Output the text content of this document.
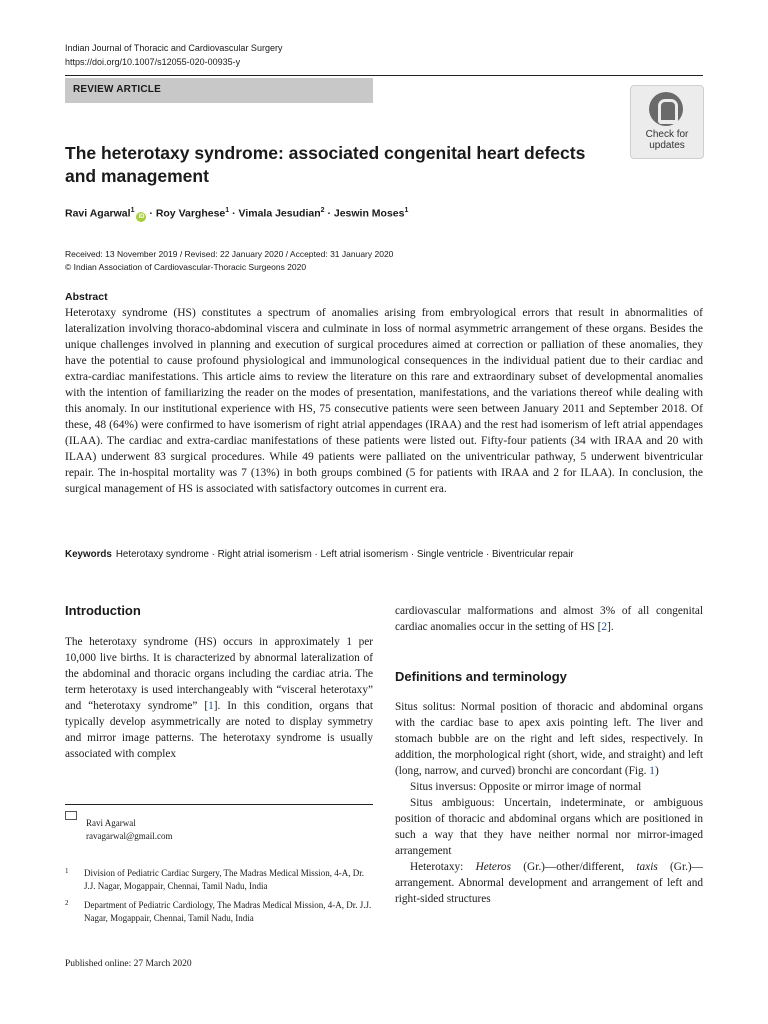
Indian Journal of Thoracic and Cardiovascular Surgery
https://doi.org/10.1007/s12055-020-00935-y
REVIEW ARTICLE
Check for
updates
The heterotaxy syndrome: associated congenital heart defects and management
Ravi Agarwal$^1$iD · Roy Varghese$^1$ · Vimala Jesudian$^2$ · Jeswin Moses$^1$
Received: 13 November 2019 / Revised: 22 January 2020 / Accepted: 31 January 2020
© Indian Association of Cardiovascular-Thoracic Surgeons 2020
Abstract
Heterotaxy syndrome (HS) constitutes a spectrum of anomalies arising from embryological errors that result in abnormalities of lateralization involving thoraco-abdominal viscera and culminate in loss of normal asymmetric arrangement of these organs. Besides the unique challenges involved in planning and execution of surgical procedures aimed at correction or palliation of these anomalies, they have the potential to cause profound physiological and immunological consequences in the individual patient due to their cardiac and extra-cardiac manifestations. This article aims to review the literature on this rare and extraordinary subset of developmental anomalies with the intention of familiarizing the reader on the modes of presentation, manifestations, and the variations thereof while dealing with this anomaly. In our institutional experience with HS, 75 consecutive patients were seen between January 2011 and September 2018. Of these, 48 (64%) were confirmed to have isomerism of right atrial appendages (IRAA) and the rest had isomerism of left atrial appendages (ILAA). The cardiac and extra-cardiac manifestations of these patients were listed out. Fifty-four patients (34 with IRAA and 20 with ILAA) underwent 83 surgical procedures. While 49 patients were palliated on the univentricular pathway, 5 underwent biventricular repair. The in-hospital mortality was 7 (13%) in both groups combined (5 for patients with IRAA and 2 for ILAA). In conclusion, the surgical management of HS is associated with satisfactory outcomes in current era.
Keywords Heterotaxy syndrome · Right atrial isomerism · Left atrial isomerism · Single ventricle · Biventricular repair
Introduction
The heterotaxy syndrome (HS) occurs in approximately 1 per 10,000 live births. It is characterized by abnormal lateralization of the abdominal and thoracic organs including the cardiac atria. The term heterotaxy is used interchangeably with “visceral heterotaxy” and “heterotaxy syndrome” [1]. In this condition, organs that typically develop asymmetrically are noted to display symmetry and mirror image patterns. The heterotaxy syndrome is usually associated with complex
cardiovascular malformations and almost 3% of all congenital cardiac anomalies occur in the setting of HS [2].
Definitions and terminology

Situs solitus: Normal position of thoracic and abdominal organs with the cardiac base to apex axis pointing left. The liver and stomach bubble are on the right and left sides, respectively. In addition, the morphological right (short, wide, and straight) and left (long, narrow, and curved) bronchi are concordant (Fig. 1)

Situs inversus: Opposite or mirror image of normal

Situs ambiguous: Uncertain, indeterminate, or ambiguous position of thoracic and abdominal organs which are positioned in such a way that they have neither normal nor mirror-imaged arrangement

Heterotaxy: Heteros (Gr.)—other/different, taxis (Gr.)—arrangement. Abnormal development and arrangement of left and right-sided structures

Ravi Agarwal
ravagarwal@gmail.com
1 Division of Pediatric Cardiac Surgery, The Madras Medical Mission, 4-A, Dr. J.J. Nagar, Mogappair, Chennai, Tamil Nadu, India
2 Department of Pediatric Cardiology, The Madras Medical Mission, 4-A, Dr. J.J. Nagar, Mogappair, Chennai, Tamil Nadu, India
Published online: 27 March 2020
